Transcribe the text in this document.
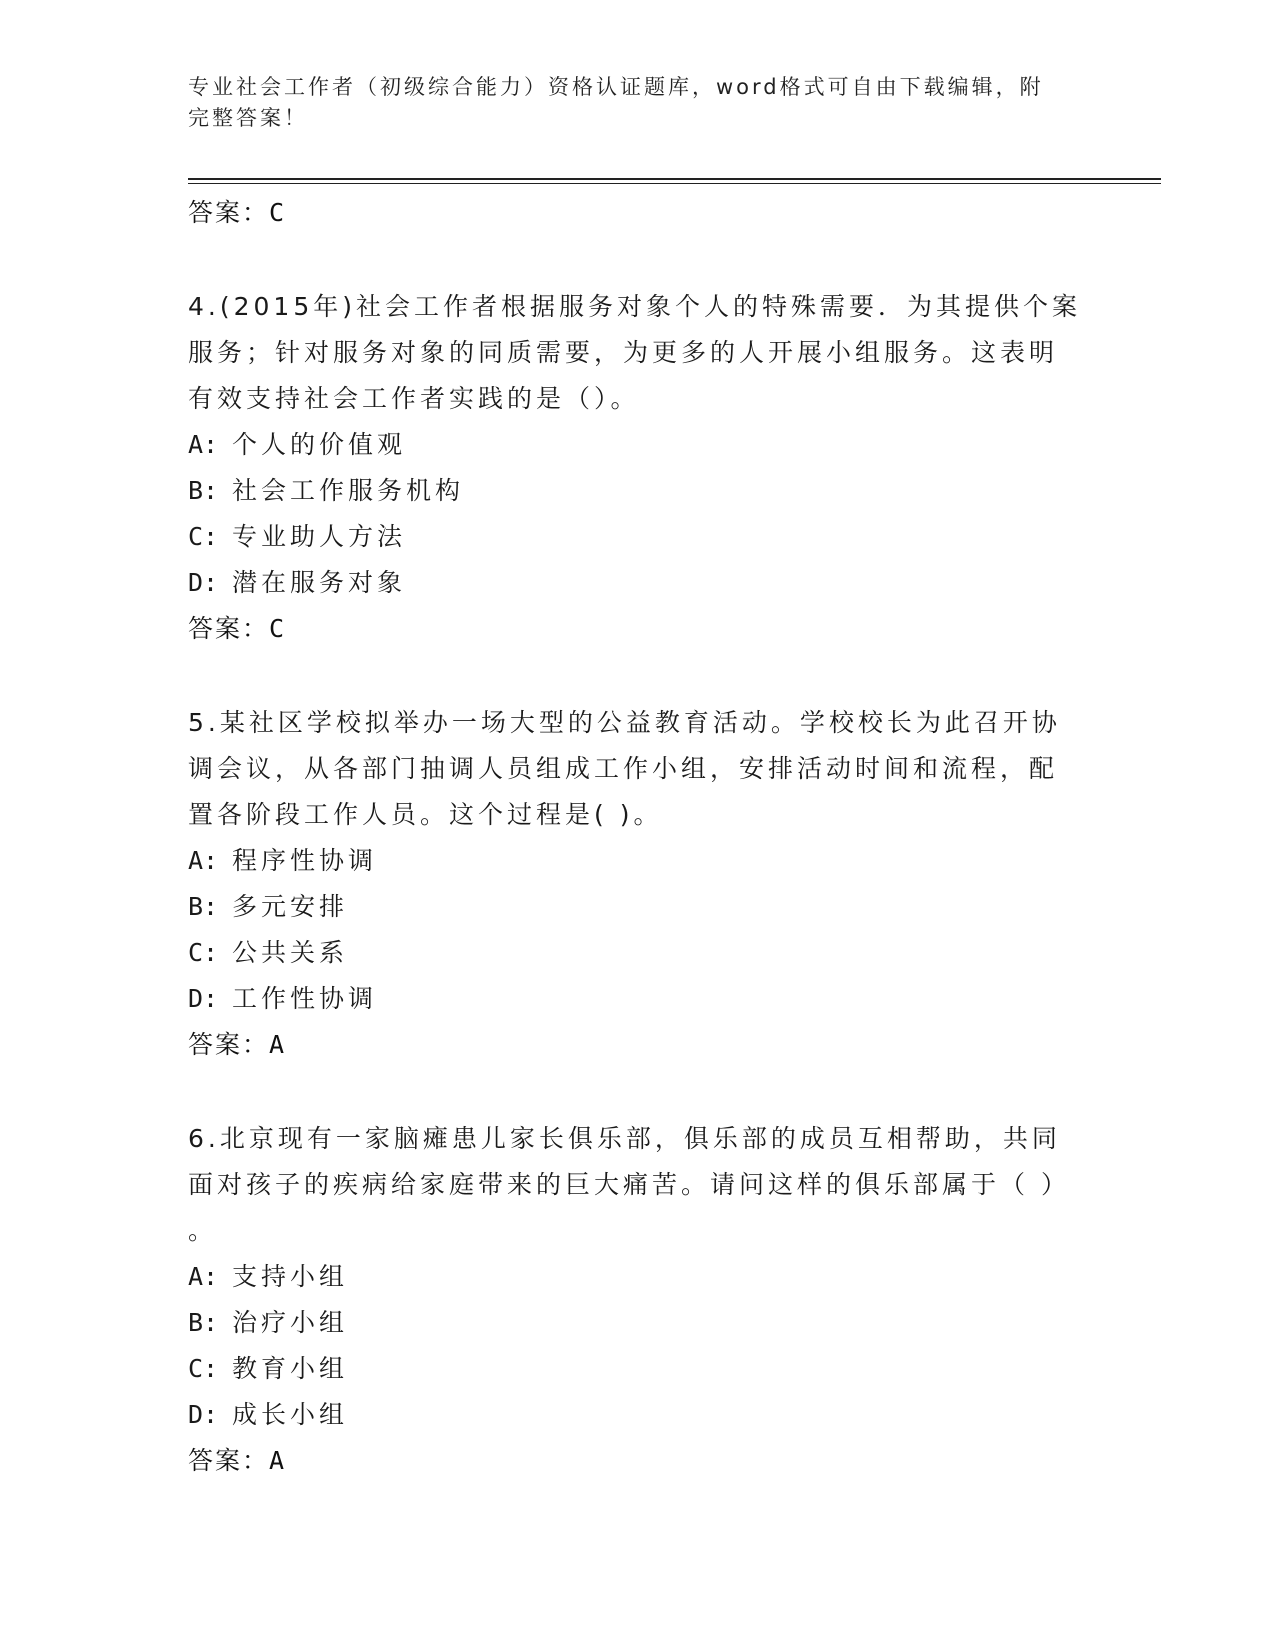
专业社会工作者（初级综合能力）资格认证题库，word格式可自由下载编辑，附
完整答案！
答案：C
4.(2015年)社会工作者根据服务对象个人的特殊需要．为其提供个案
服务；针对服务对象的同质需要，为更多的人开展小组服务。这表明
有效支持社会工作者实践的是（）。
A: 个人的价值观
B: 社会工作服务机构
C: 专业助人方法
D: 潜在服务对象
答案：C
5.某社区学校拟举办一场大型的公益教育活动。学校校长为此召开协
调会议，从各部门抽调人员组成工作小组，安排活动时间和流程，配
置各阶段工作人员。这个过程是( )。
A: 程序性协调
B: 多元安排
C: 公共关系
D: 工作性协调
答案：A
6.北京现有一家脑瘫患儿家长俱乐部，俱乐部的成员互相帮助，共同
面对孩子的疾病给家庭带来的巨大痛苦。请问这样的俱乐部属于（ ）
。
A: 支持小组
B: 治疗小组
C: 教育小组
D: 成长小组
答案：A
